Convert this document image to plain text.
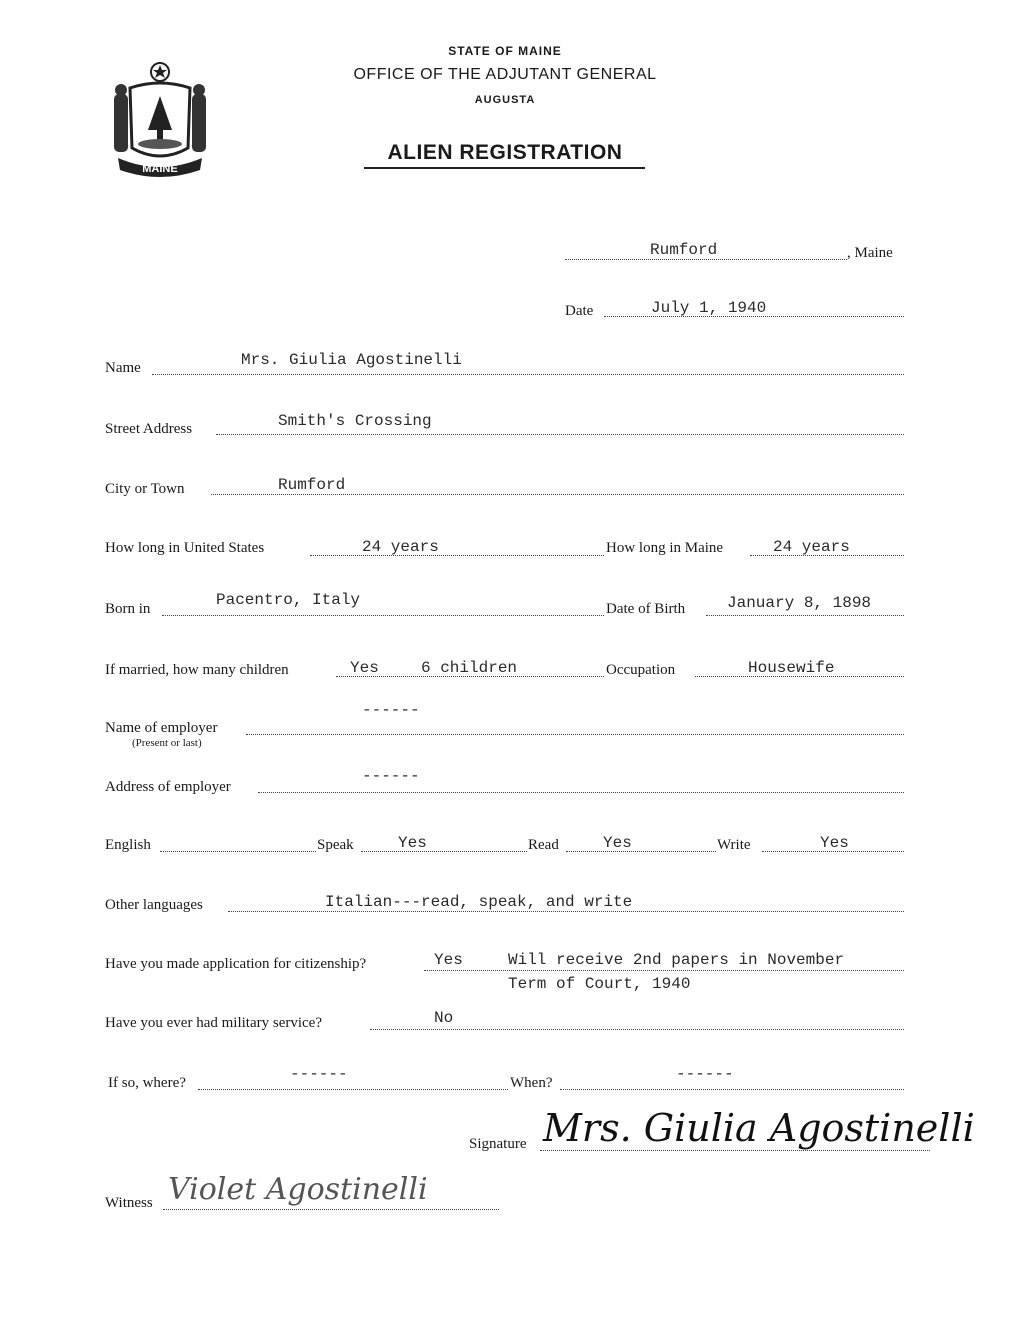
MAINE
STATE OF MAINE
OFFICE OF THE ADJUTANT GENERAL
AUGUSTA
ALIEN REGISTRATION
Rumford	, Maine
Date	July 1, 1940
Name	Mrs. Giulia Agostinelli
Street Address	Smith's Crossing
City or Town	Rumford
How long in United States	24 years	How long in Maine	24 years
Born in	Pacentro, Italy	Date of Birth	January 8, 1898
If married, how many children	Yes	6 children	Occupation	Housewife
Name of employer
(Present or last)
------
Address of employer
------
English	Speak	Yes	Read	Yes	Write	Yes
Other languages	Italian---read, speak, and write
Have you made application for citizenship?	Yes	Will receive 2nd papers in November
Term of Court, 1940
Have you ever had military service?	No
If so, where?	------	When?	------
Signature Mrs. Giulia Agostinelli
Witness Violet Agostinelli
